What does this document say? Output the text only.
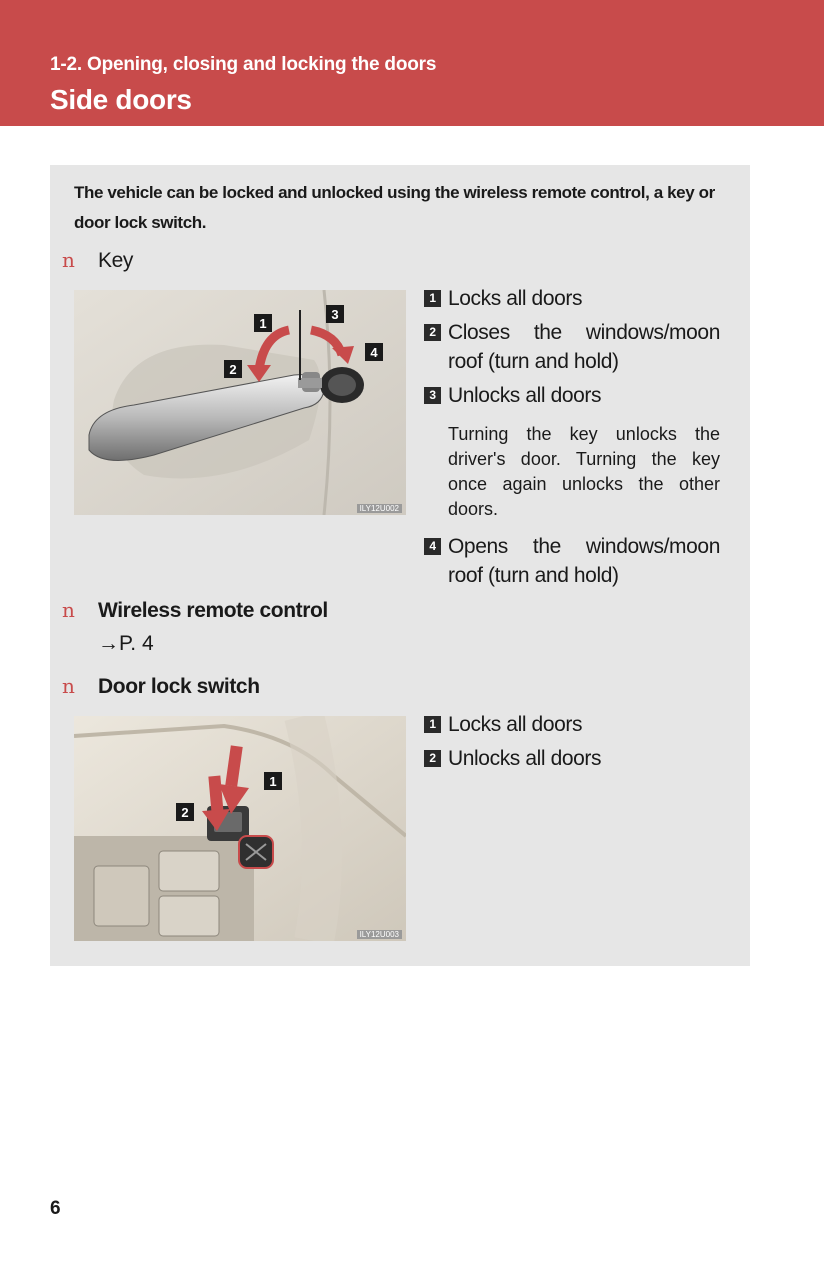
1-2. Opening, closing and locking the doors
Side doors
The vehicle can be locked and unlocked using the wireless remote control, a key or door lock switch.
n	Key
1
2
3
4
ILY12U002
1 Locks all doors
2 Closes the windows/moon roof (turn and hold)
3 Unlocks all doors
Turning the key unlocks the driver's door. Turning the key once again unlocks the other doors.
4 Opens the windows/moon roof (turn and hold)
n	Wireless remote control
→P. 4
n	Door lock switch
1
2
ILY12U003
1 Locks all doors
2 Unlocks all doors
6
